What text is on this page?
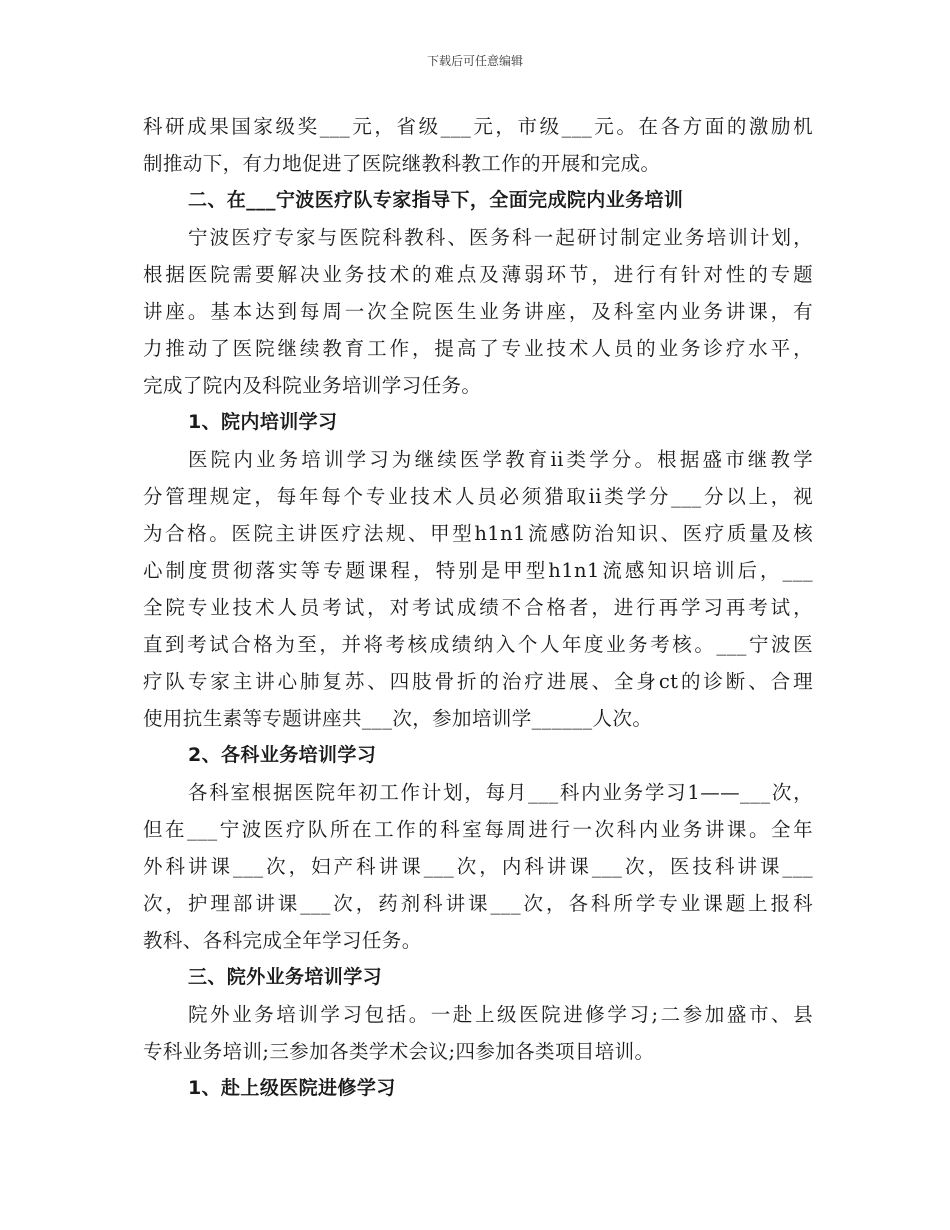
下载后可任意编辑
科研成果国家级奖___元，省级___元，市级___元。在各方面的激励机
制推动下，有力地促进了医院继教科教工作的开展和完成。
二、在___宁波医疗队专家指导下，全面完成院内业务培训
宁波医疗专家与医院科教科、医务科一起研讨制定业务培训计划，
根据医院需要解决业务技术的难点及薄弱环节，进行有针对性的专题
讲座。基本达到每周一次全院医生业务讲座，及科室内业务讲课，有
力推动了医院继续教育工作，提高了专业技术人员的业务诊疗水平，
完成了院内及科院业务培训学习任务。
1、院内培训学习
医院内业务培训学习为继续医学教育ii类学分。根据盛市继教学
分管理规定，每年每个专业技术人员必须猎取ii类学分___分以上，视
为合格。医院主讲医疗法规、甲型h1n1流感防治知识、医疗质量及核
心制度贯彻落实等专题课程，特别是甲型h1n1流感知识培训后，___
全院专业技术人员考试，对考试成绩不合格者，进行再学习再考试，
直到考试合格为至，并将考核成绩纳入个人年度业务考核。___宁波医
疗队专家主讲心肺复苏、四肢骨折的治疗进展、全身ct的诊断、合理
使用抗生素等专题讲座共___次，参加培训学______人次。
2、各科业务培训学习
各科室根据医院年初工作计划，每月___科内业务学习1——___次，
但在___宁波医疗队所在工作的科室每周进行一次科内业务讲课。全年
外科讲课___次，妇产科讲课___次，内科讲课___次，医技科讲课___
次，护理部讲课___次，药剂科讲课___次，各科所学专业课题上报科
教科、各科完成全年学习任务。
三、院外业务培训学习
院外业务培训学习包括。一赴上级医院进修学习;二参加盛市、县
专科业务培训;三参加各类学术会议;四参加各类项目培训。
1、赴上级医院进修学习
